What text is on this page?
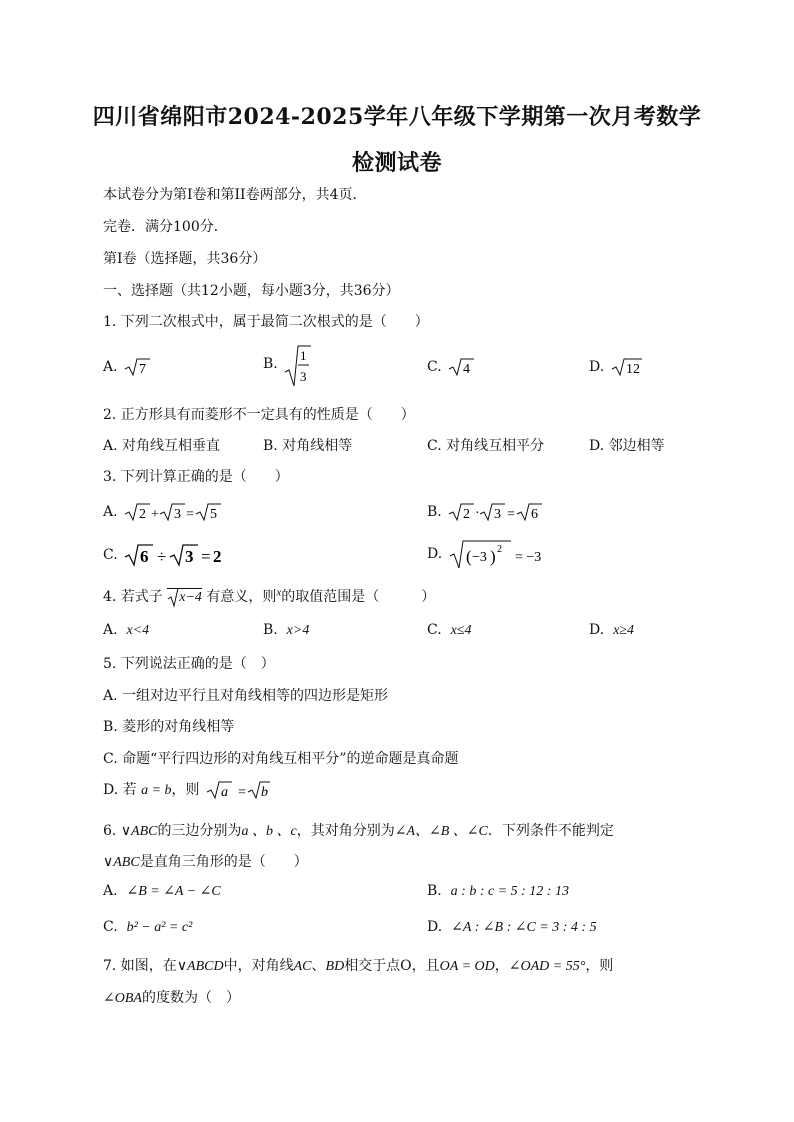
四川省绵阳市2024-2025学年八年级下学期第一次月考数学
检测试卷
本试卷分为第I卷和第II卷两部分，共4页．
完卷．满分100分．
第I卷（选择题，共36分）
一、选择题（共12小题，每小题3分，共36分）
1. 下列二次根式中，属于最简二次根式的是（　　）
A. 7	B.
1
3
C. 4	D. 12
2. 正方形具有而菱形不一定具有的性质是（　　）
A. 对角线互相垂直	B. 对角线相等	C. 对角线互相平分	D. 邻边相等
3. 下列计算正确的是（　　）
A. 2 + 3 = 5	B. 2 · 3 = 6
C. 6 ÷ 3 = 2	D. ( −3 ) 2
= −3
4. 若式子 x−4 有意义，则$^x$的取值范围是（　　　）
A. x<4	B. x>4	C. x≤4	D. x≥4
5. 下列说法正确的是（　）
A. 一组对边平行且对角线相等的四边形是矩形
B. 菱形的对角线相等
C. 命题“平行四边形的对角线互相平分”的逆命题是真命题
D. 若 a = b，则 a = b
6. ∨ABC的三边分别为a 、b 、c，其对角分别为∠A、∠B 、∠C．下列条件不能判定
∨ABC是直角三角形的是（　　）
A. ∠B = ∠A − ∠C	B. a : b : c = 5 : 12 : 13
C. b² − a² = c²	D. ∠A : ∠B : ∠C = 3 : 4 : 5
7. 如图，在∨ABCD中，对角线AC、BD相交于点O，且OA = OD，∠OAD = 55°，则
∠OBA的度数为（　）
